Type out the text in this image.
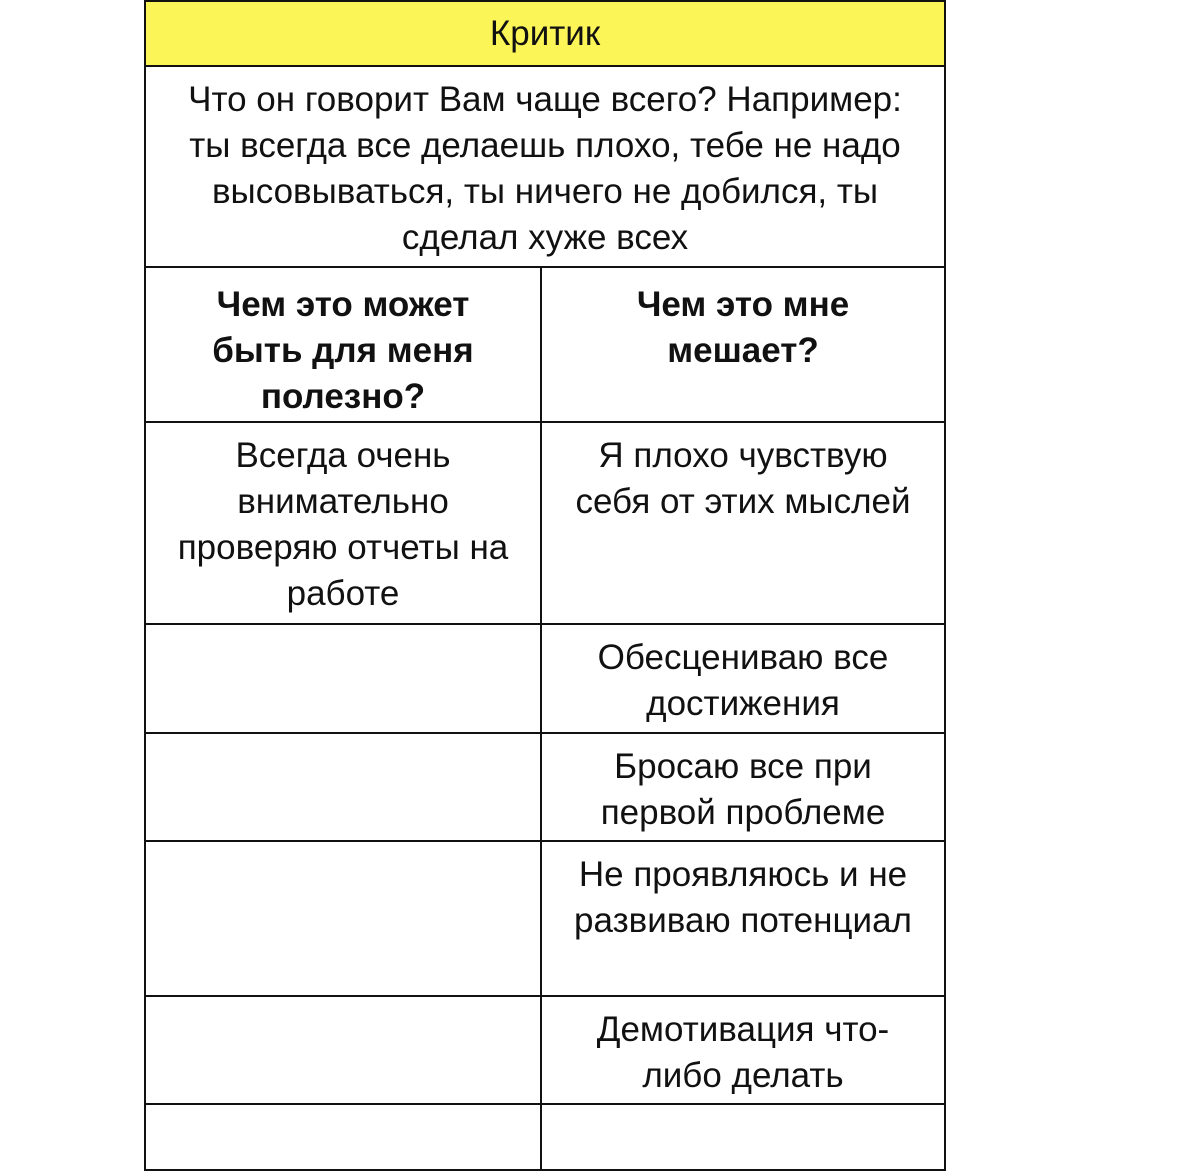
Критик
Что он говорит Вам чаще всего? Например: ты всегда все делаешь плохо, тебе не надо высовываться, ты ничего не добился, ты сделал хуже всех
Чем это может быть для меня полезно?
Чем это мне мешает?
Всегда очень внимательно проверяю отчеты на работе
Я плохо чувствую себя от этих мыслей
Обесцениваю все достижения
Бросаю все при первой проблеме
Не проявляюсь и не развиваю потенциал
Демотивация что-либо делать
